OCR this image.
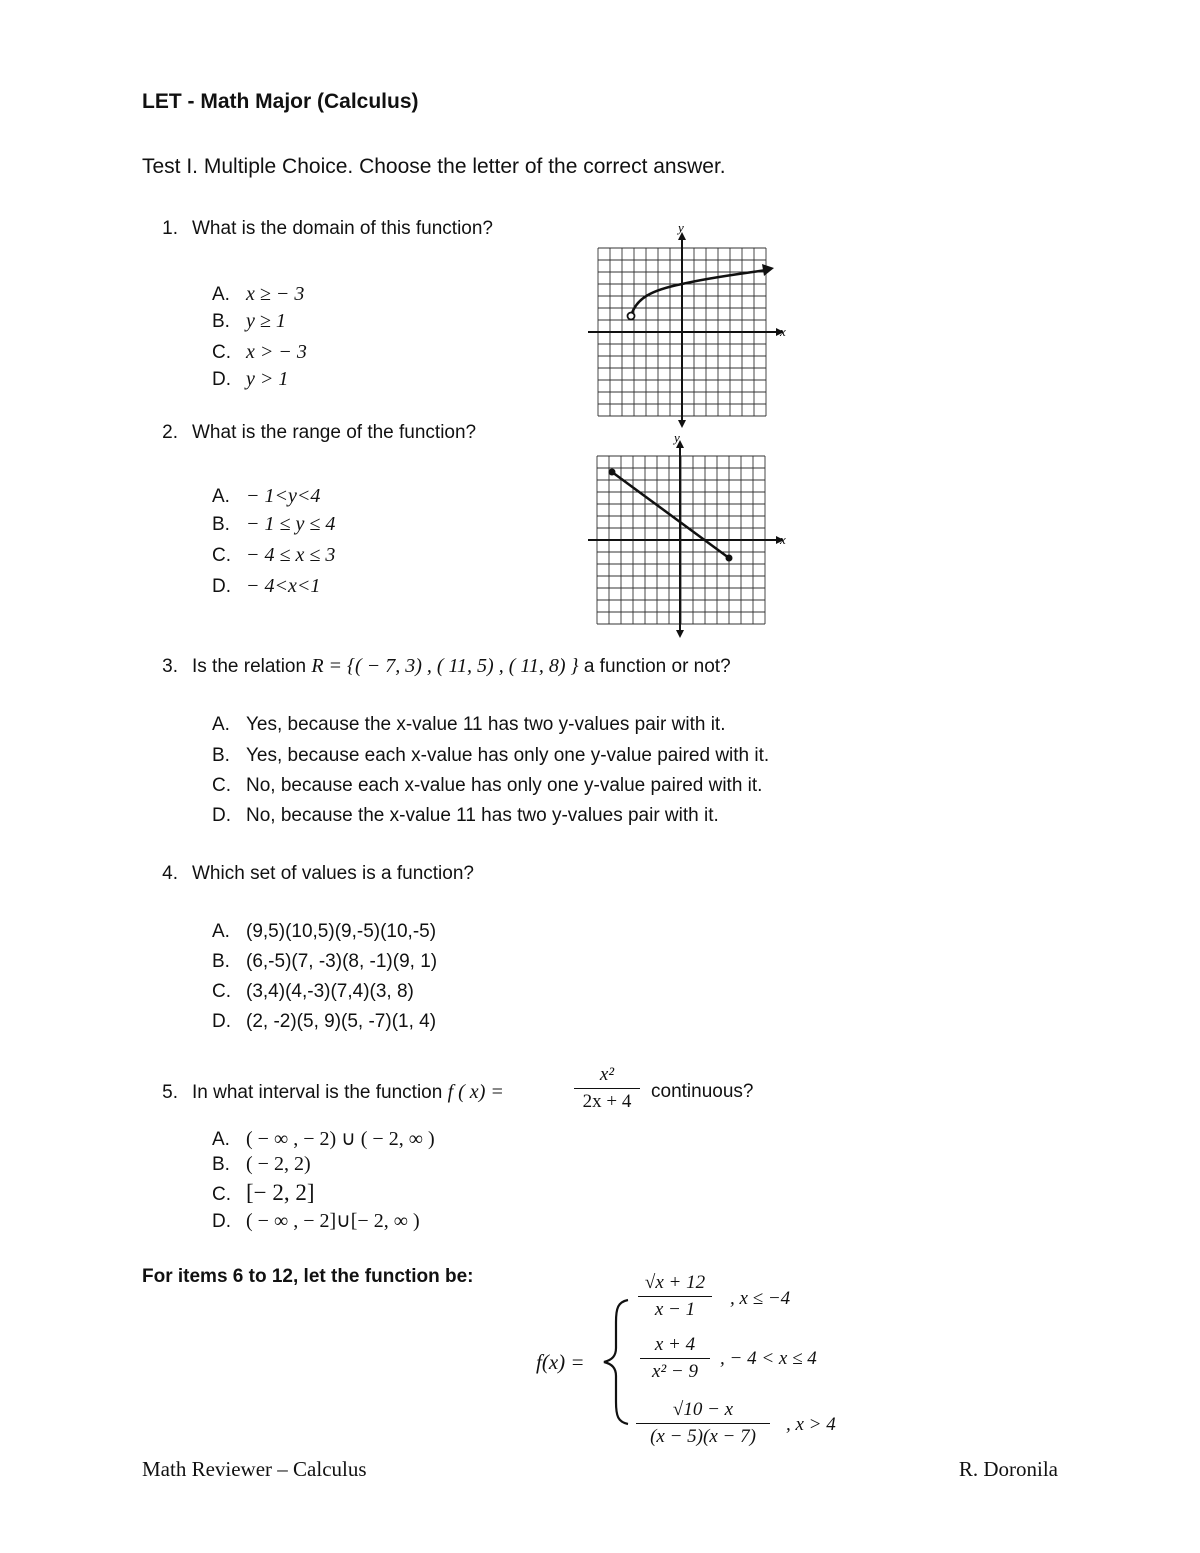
LET - Math Major (Calculus)
Test I. Multiple Choice. Choose the letter of the correct answer.
1. What is the domain of this function?
A. x ≥ − 3
B. y ≥ 1
C. x > − 3
D. y > 1
y
x
2. What is the range of the function?
A. − 1<y<4
B. − 1 ≤ y ≤ 4
C. − 4 ≤ x ≤ 3
D. − 4<x<1
y
x
3. Is the relation R = {( − 7, 3) , ( 11, 5) , ( 11, 8) } a function or not?
A. Yes, because the x-value 11 has two y-values pair with it.
B. Yes, because each x-value has only one y-value paired with it.
C. No, because each x-value has only one y-value paired with it.
D. No, because the x-value 11 has two y-values pair with it.
4. Which set of values is a function?
A. (9,5)(10,5)(9,-5)(10,-5)
B. (6,-5)(7, -3)(8, -1)(9, 1)
C. (3,4)(4,-3)(7,4)(3, 8)
D. (2, -2)(5, 9)(5, -7)(1, 4)
5. In what interval is the function f ( x) =
x²
2x + 4	continuous?
A. ( − ∞ , − 2) ∪ ( − 2, ∞ )
B. ( − 2, 2)
C. [− 2, 2]
D. ( − ∞ , − 2]∪[− 2, ∞ )
For items 6 to 12, let the function be:
f(x) =
√x + 12
x − 1
, x ≤ −4
x + 4
x² − 9
, − 4 < x ≤ 4
√10 − x
(x − 5)(x − 7)
, x > 4
Math Reviewer – Calculus	R. Doronila
